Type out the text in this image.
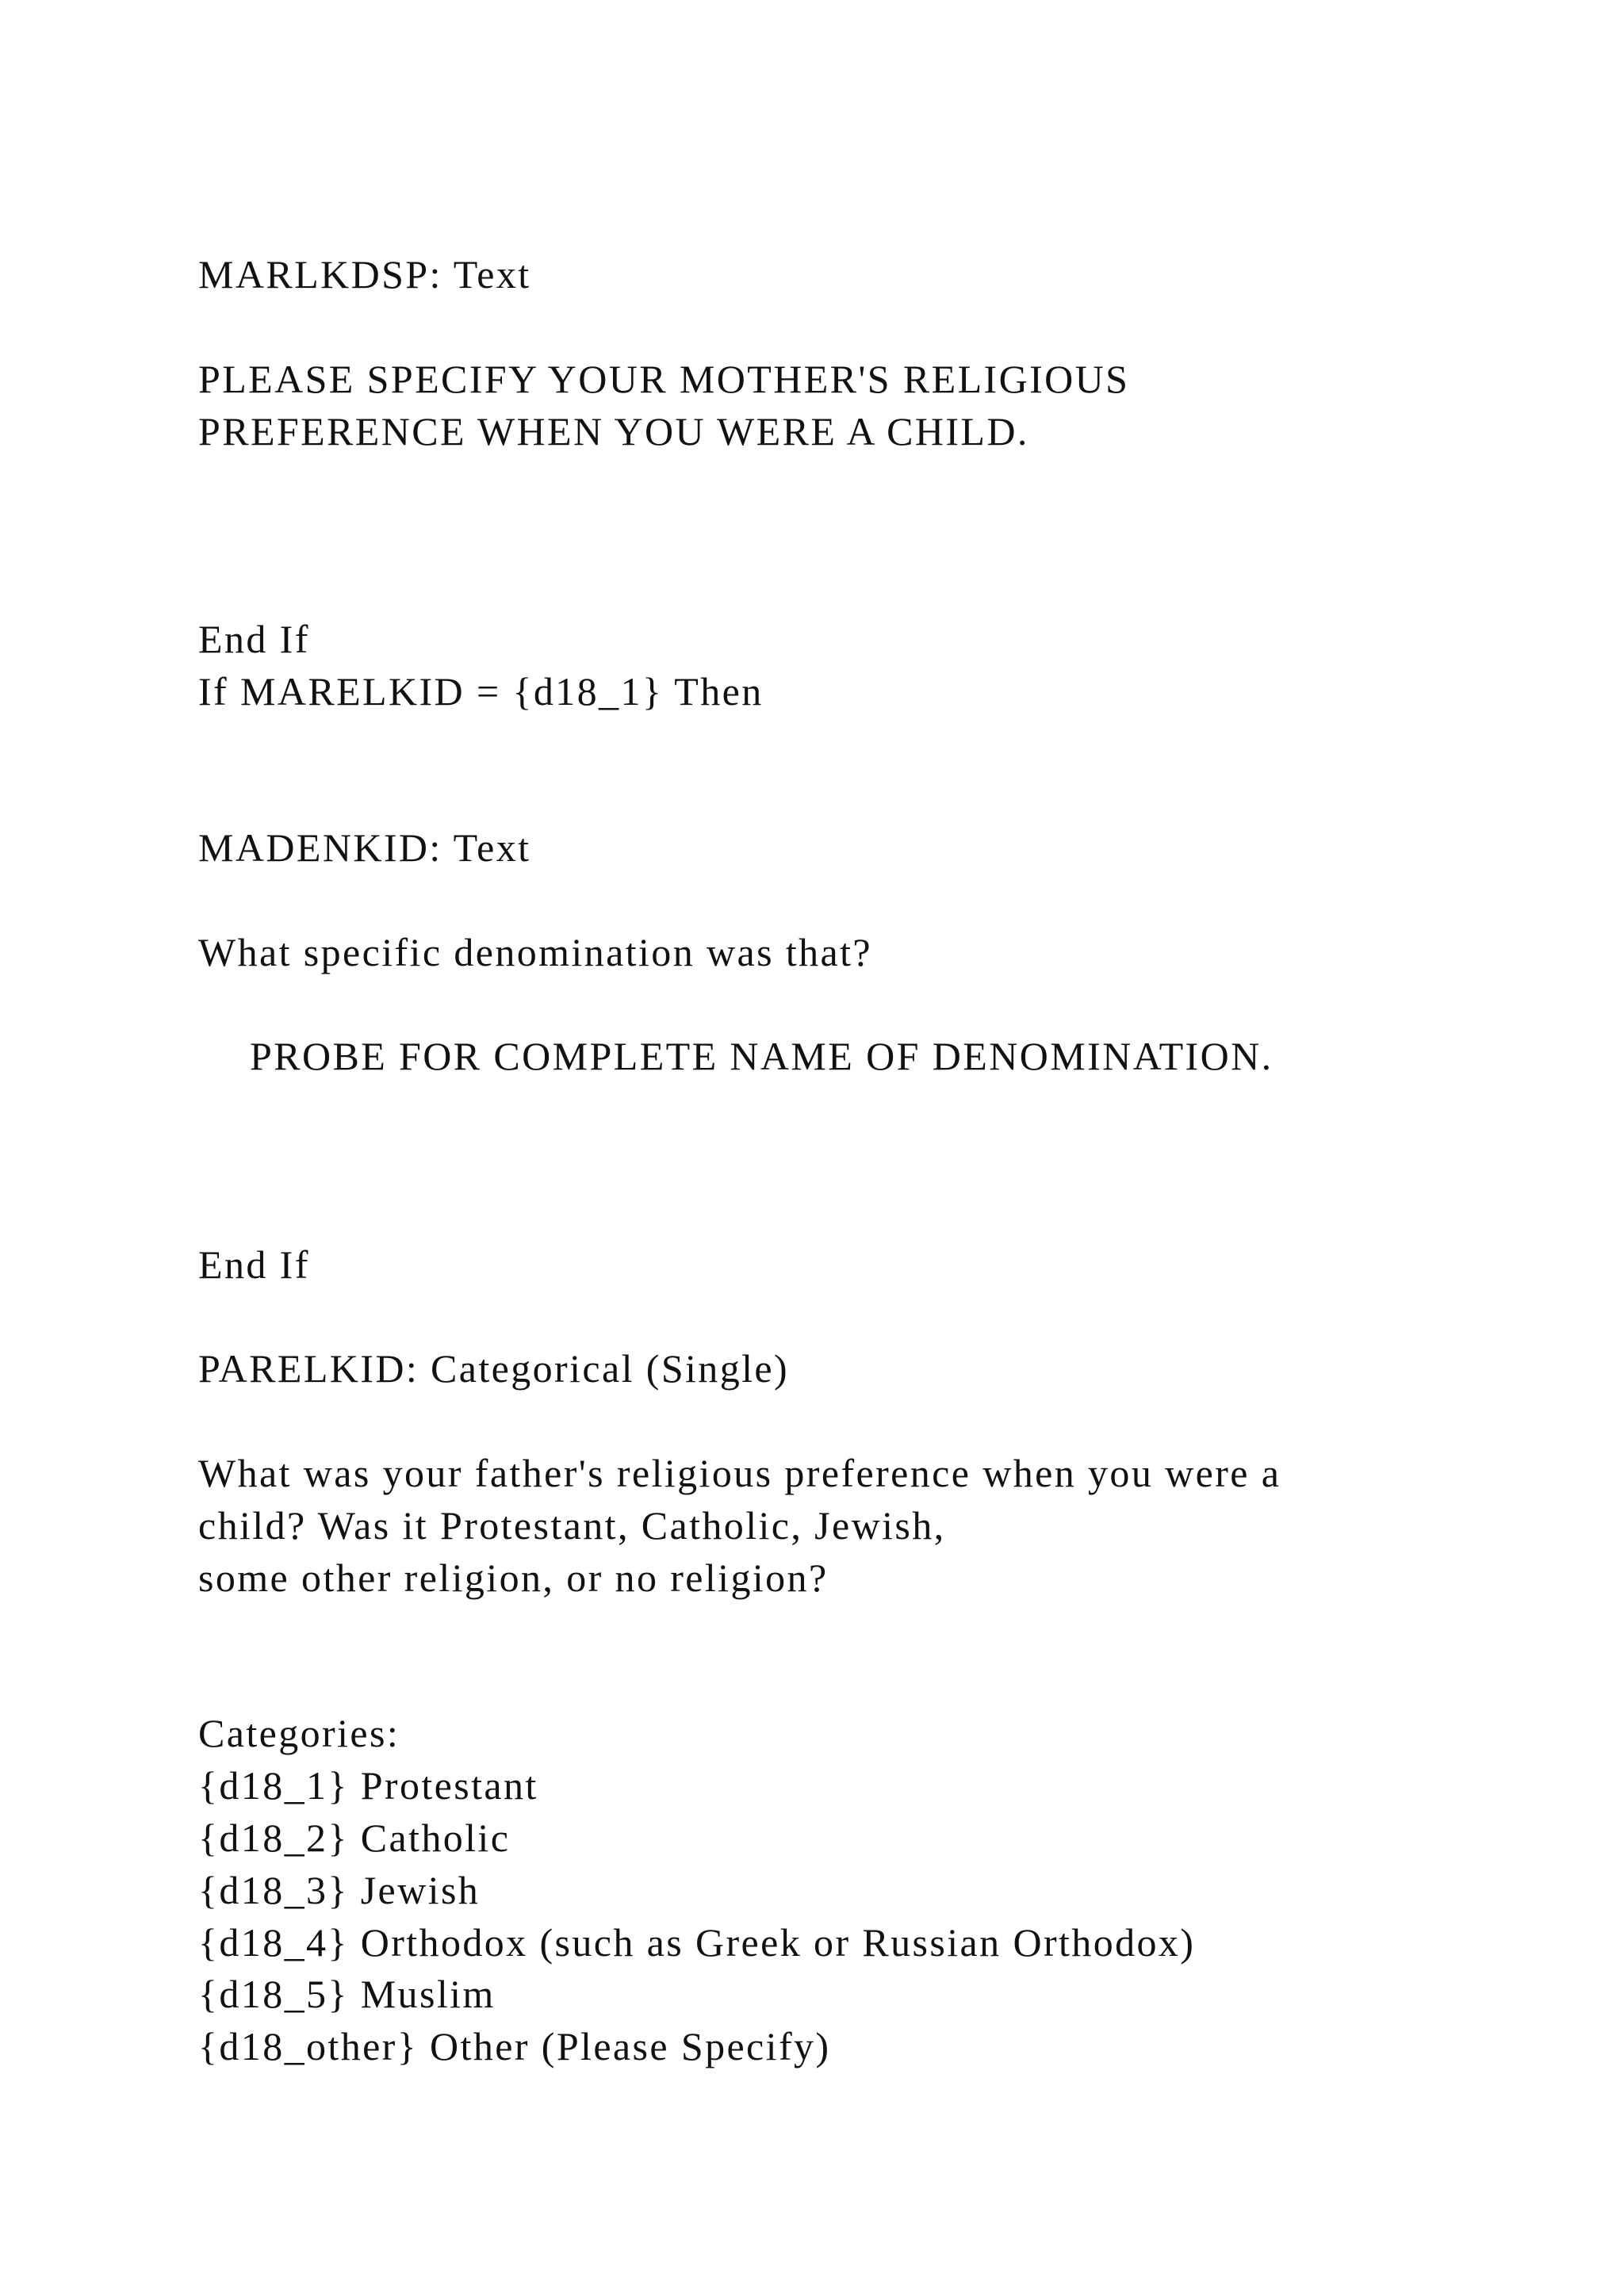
MARLKDSP: Text
PLEASE SPECIFY YOUR MOTHER'S RELIGIOUS
PREFERENCE WHEN YOU WERE A CHILD.
End If
If MARELKID = {d18_1} Then
MADENKID: Text
What specific denomination was that?
PROBE FOR COMPLETE NAME OF DENOMINATION.
End If
PARELKID: Categorical (Single)
What was your father's religious preference when you were a
child? Was it Protestant, Catholic, Jewish,
some other religion, or no religion?
Categories:
{d18_1} Protestant
{d18_2} Catholic
{d18_3} Jewish
{d18_4} Orthodox (such as Greek or Russian Orthodox)
{d18_5} Muslim
{d18_other} Other (Please Specify)
